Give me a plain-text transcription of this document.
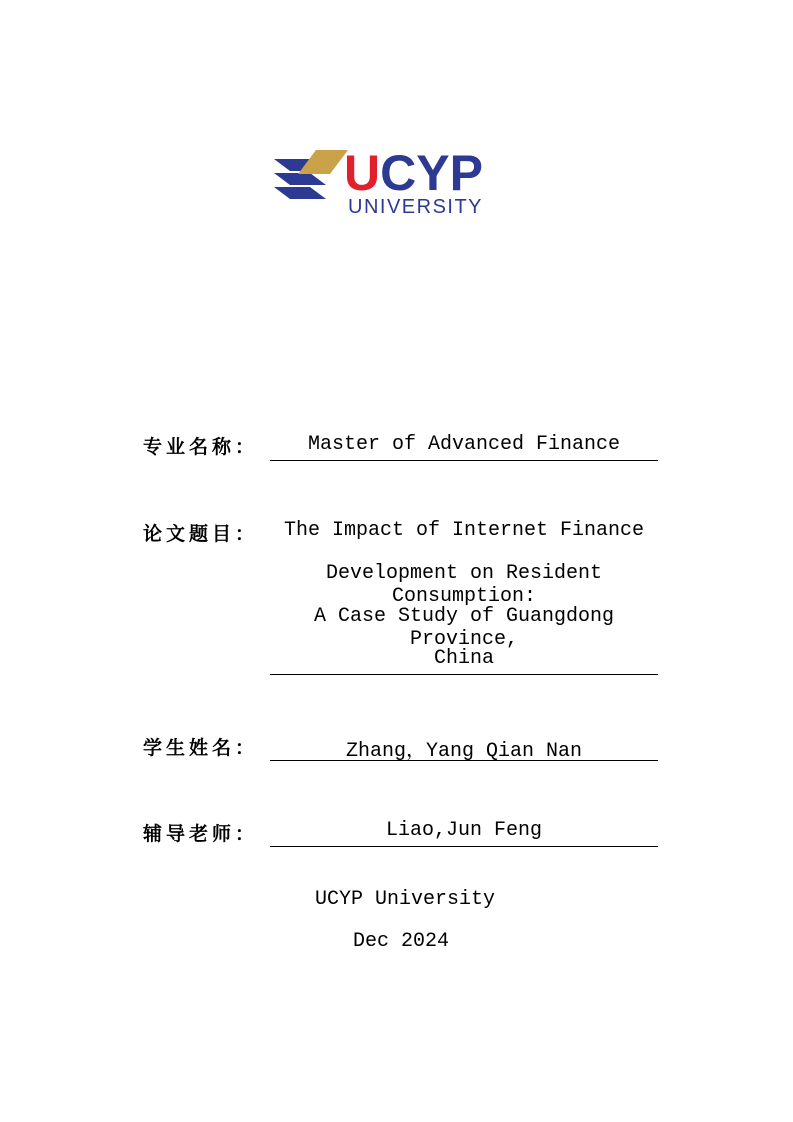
UCYP
UNIVERSITY
专业名称：	Master of Advanced Finance
论文题目：	The Impact of Internet Finance
Development on Resident Consumption:
A Case Study of Guangdong Province,
China
学生姓名：	Zhang，Yang Qian Nan
辅导老师：	Liao,Jun Feng
UCYP University
Dec 2024
